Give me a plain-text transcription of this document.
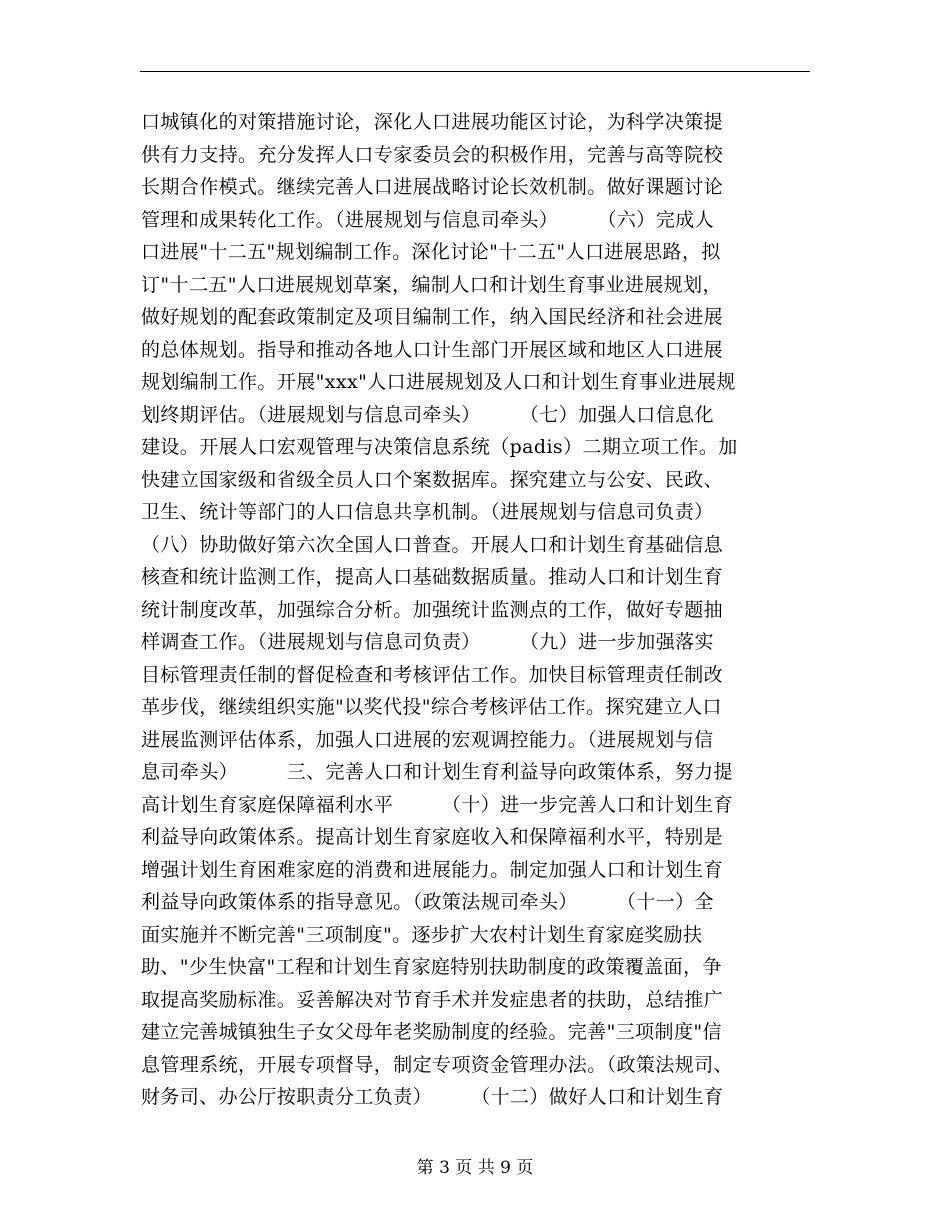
口城镇化的对策措施讨论，深化人口进展功能区讨论，为科学决策提
供有力支持。充分发挥人口专家委员会的积极作用，完善与高等院校
长期合作模式。继续完善人口进展战略讨论长效机制。做好课题讨论
管理和成果转化工作。（进展规划与信息司牵头）　　　（六）完成人
口进展"十二五"规划编制工作。深化讨论"十二五"人口进展思路，拟
订"十二五"人口进展规划草案，编制人口和计划生育事业进展规划，
做好规划的配套政策制定及项目编制工作，纳入国民经济和社会进展
的总体规划。指导和推动各地人口计生部门开展区域和地区人口进展
规划编制工作。开展"xxx"人口进展规划及人口和计划生育事业进展规
划终期评估。（进展规划与信息司牵头）　　　（七）加强人口信息化
建设。开展人口宏观管理与决策信息系统（padis）二期立项工作。加
快建立国家级和省级全员人口个案数据库。探究建立与公安、民政、
卫生、统计等部门的人口信息共享机制。（进展规划与信息司负责）
（八）协助做好第六次全国人口普查。开展人口和计划生育基础信息
核查和统计监测工作，提高人口基础数据质量。推动人口和计划生育
统计制度改革，加强综合分析。加强统计监测点的工作，做好专题抽
样调查工作。（进展规划与信息司负责）　　　（九）进一步加强落实
目标管理责任制的督促检查和考核评估工作。加快目标管理责任制改
革步伐，继续组织实施"以奖代投"综合考核评估工作。探究建立人口
进展监测评估体系，加强人口进展的宏观调控能力。（进展规划与信
息司牵头）　　　三、完善人口和计划生育利益导向政策体系，努力提
高计划生育家庭保障福利水平　　　（十）进一步完善人口和计划生育
利益导向政策体系。提高计划生育家庭收入和保障福利水平，特别是
增强计划生育困难家庭的消费和进展能力。制定加强人口和计划生育
利益导向政策体系的指导意见。（政策法规司牵头）　　　（十一）全
面实施并不断完善"三项制度"。逐步扩大农村计划生育家庭奖励扶
助、"少生快富"工程和计划生育家庭特别扶助制度的政策覆盖面，争
取提高奖励标准。妥善解决对节育手术并发症患者的扶助，总结推广
建立完善城镇独生子女父母年老奖励制度的经验。完善"三项制度"信
息管理系统，开展专项督导，制定专项资金管理办法。（政策法规司、
财务司、办公厅按职责分工负责）　　　（十二）做好人口和计划生育
第 3 页 共 9 页
